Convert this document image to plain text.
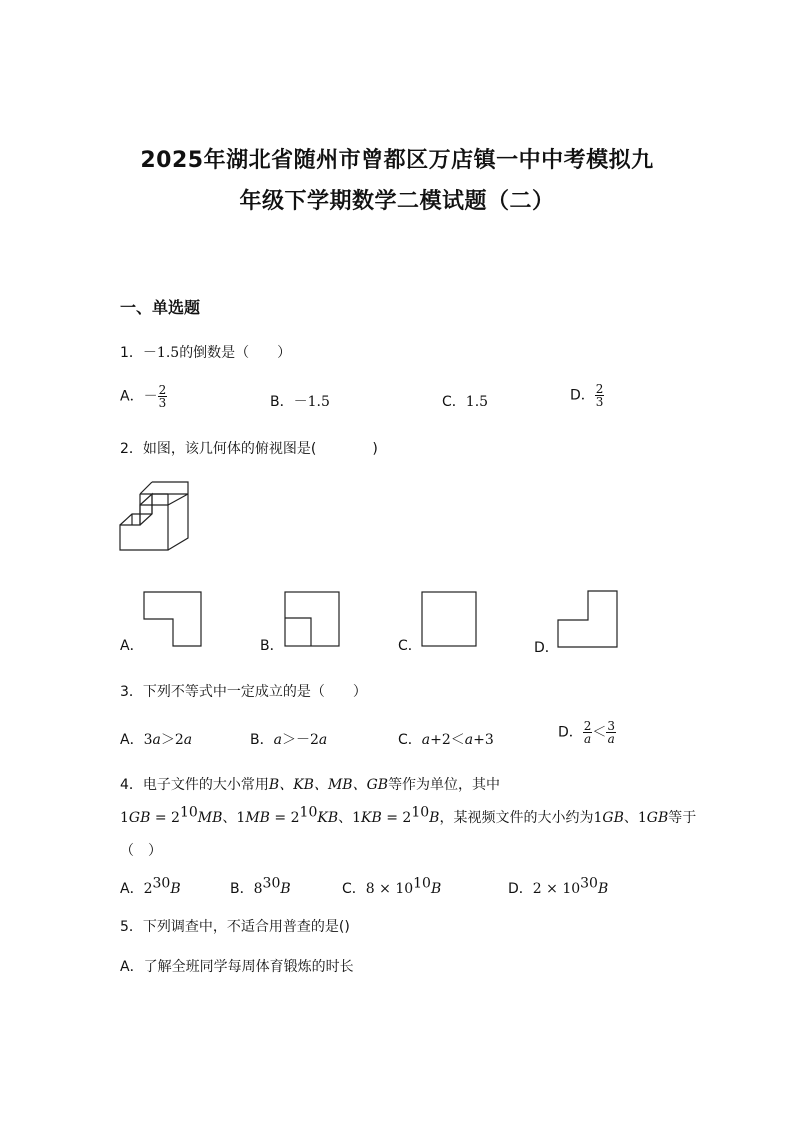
2025年湖北省随州市曾都区万店镇一中中考模拟九
年级下学期数学二模试题（二）
一、单选题
1．－1.5的倒数是（　　）
A．－ $\frac{2}{3}$	B．－1.5	C．1.5	D． $\frac{2}{3}$
2．如图，该几何体的俯视图是(　　　　)
A．	B．	C．	D．
3．下列不等式中一定成立的是（　　）
A．3a＞2a	B．a＞－2a	C．a+2＜a+3	D． $\frac{2}{a} < \frac{3}{a}$
4．电子文件的大小常用B、KB、MB、GB等作为单位，其中
$1GB = 2^{10}MB$、$1MB = 2^{10}KB$、$1KB = 2^{10}B$，某视频文件的大小约为1GB、1GB等于
（　）
A．$2^{30}B$	B．$8^{30}B$	C．$8 \times 10^{10}B$	D．$2 \times 10^{30}B$
5．下列调查中，不适合用普查的是()
A．了解全班同学每周体育锻炼的时长
